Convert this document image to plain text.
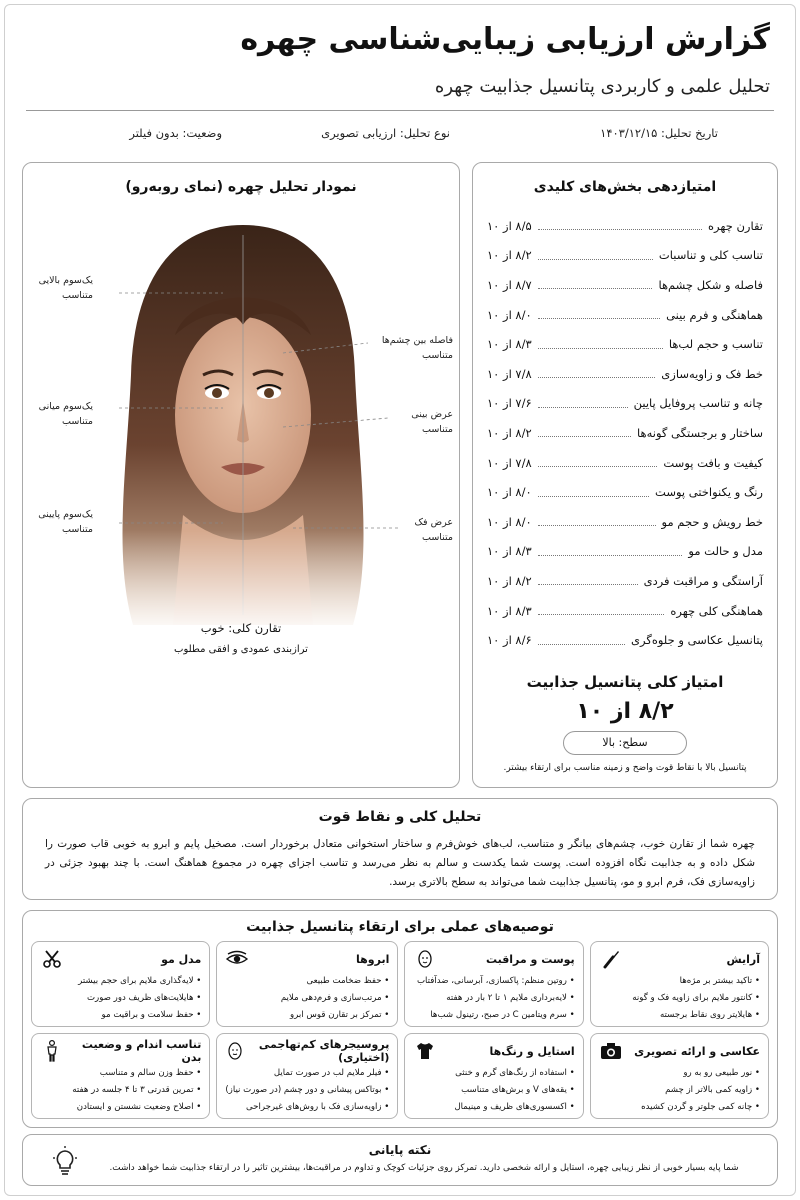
گزارش ارزیابی زیبایی‌شناسی چهره
تحلیل علمی و کاربردی پتانسیل جذابیت چهره
تاریخ تحلیل: ۱۴۰۳/۱۲/۱۵
نوع تحلیل: ارزیابی تصویری
وضعیت: بدون فیلتر
نمودار تحلیل چهره (نمای روبه‌رو)
یک‌سوم بالایی
متناسب
یک‌سوم میانی
متناسب
یک‌سوم پایینی
متناسب
فاصله بین چشم‌ها
متناسب
عرض بینی
متناسب
عرض فک
متناسب
تقارن کلی: خوب
ترازبندی عمودی و افقی مطلوب
امتیازدهی بخش‌های کلیدی
تقارن چهره
۸/۵ از ۱۰
تناسب کلی و تناسبات
۸/۲ از ۱۰
فاصله و شکل چشم‌ها
۸/۷ از ۱۰
هماهنگی و فرم بینی
۸/۰ از ۱۰
تناسب و حجم لب‌ها
۸/۳ از ۱۰
خط فک و زاویه‌سازی
۷/۸ از ۱۰
چانه و تناسب پروفایل پایین
۷/۶ از ۱۰
ساختار و برجستگی گونه‌ها
۸/۲ از ۱۰
کیفیت و بافت پوست
۷/۸ از ۱۰
رنگ و یکنواختی پوست
۸/۰ از ۱۰
خط رویش و حجم مو
۸/۰ از ۱۰
مدل و حالت مو
۸/۳ از ۱۰
آراستگی و مراقبت فردی
۸/۲ از ۱۰
هماهنگی کلی چهره
۸/۳ از ۱۰
پتانسیل عکاسی و جلوه‌گری
۸/۶ از ۱۰
امتیاز کلی پتانسیل جذابیت
۸/۲ از ۱۰
سطح: بالا
پتانسیل بالا با نقاط قوت واضح و زمینه مناسب برای ارتقاء بیشتر.
تحلیل کلی و نقاط قوت

چهره شما از تقارن خوب، چشم‌های بیانگر و متناسب، لب‌های خوش‌فرم و ساختار استخوانی متعادل برخوردار است. مصخیل پایم و ابرو به خوبی قاب صورت را شکل داده و به جذابیت نگاه افزوده است. پوست شما یکدست و سالم به نظر می‌رسد و تناسب اجزای چهره در مجموع هماهنگ است. با چند بهبود جزئی در زاویه‌سازی فک، فرم ابرو و مو، پتانسیل جذابیت شما می‌تواند به سطح بالاتری برسد.

توصیه‌های عملی برای ارتقاء پتانسیل جذابیت
آرایش
• تاکید بیشتر بر مژه‌ها
• کانتور ملایم برای زاویه فک و گونه
• هایلایتر روی نقاط برجسته
پوست و مراقبت
• روتین منظم: پاکسازی، آبرسانی، ضدآفتاب
• لایه‌برداری ملایم ۱ تا ۲ بار در هفته
• سرم ویتامین C در صبح، رتینول شب‌ها
ابروها
• حفظ ضخامت طبیعی
• مرتب‌سازی و فرم‌دهی ملایم
• تمرکز بر تقارن قوس ابرو
مدل مو
• لایه‌گذاری ملایم برای حجم بیشتر
• هایلایت‌های ظریف دور صورت
• حفظ سلامت و براقیت مو
عکاسی و ارائه تصویری
• نور طبیعی رو به رو
• زاویه کمی بالاتر از چشم
• چانه کمی جلوتر و گردن کشیده
استایل و رنگ‌ها
• استفاده از رنگ‌های گرم و خنثی
• یقه‌های V و برش‌های متناسب
• اکسسوری‌های ظریف و مینیمال
پروسیجرهای کم‌تهاجمی (اختیاری)
• فیلر ملایم لب در صورت تمایل
• بوتاکس پیشانی و دور چشم (در صورت نیاز)
• زاویه‌سازی فک با روش‌های غیرجراحی
تناسب اندام و وضعیت بدن
• حفظ وزن سالم و متناسب
• تمرین قدرتی ۳ تا ۴ جلسه در هفته
• اصلاح وضعیت نشستن و ایستادن
نکته پایانی

شما پایه بسیار خوبی از نظر زیبایی چهره، استایل و ارائه شخصی دارید. تمرکز روی جزئیات کوچک و تداوم در مراقبت‌ها، بیشترین تاثیر را در ارتقاء جذابیت شما خواهد داشت.
